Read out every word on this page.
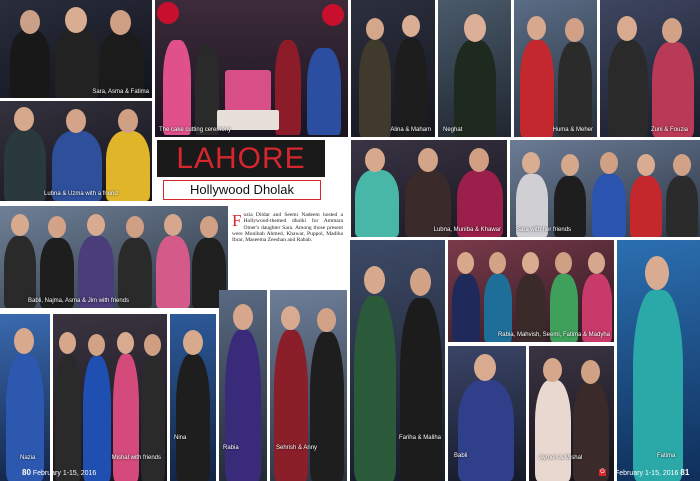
Sara, Asma & Fatima
The cake cutting ceremony	Alina & Maham Neghat	Huma & Meher	Zuni & Fouzia
Lubna & Uzma with a friend
LAHORE
Hollywood Dholak
Lubna, Muniba & Khawar	Sara with her friends
Babli, Najma, Asma & Jim with friends
Fozia Dildar and Seemi Nadeem hosted a Hollywood-themed dholki for Ammara Omer's daughter Sara. Among those present were Munibah Ahmed, Khawar, Puppol, Madiha Ibrar, Maseema Zeeshan and Rabab.
Rabia, Mahvish, Seemi, Fatima & Madyha
Fatima
Nazia	Mishal with friends
Nina
Rabia	Sehrish & Anny
Fariha & Maliha
Babli	Aymen & Mishal
80 February 1-15, 2016	G February 1-15, 2016 81
